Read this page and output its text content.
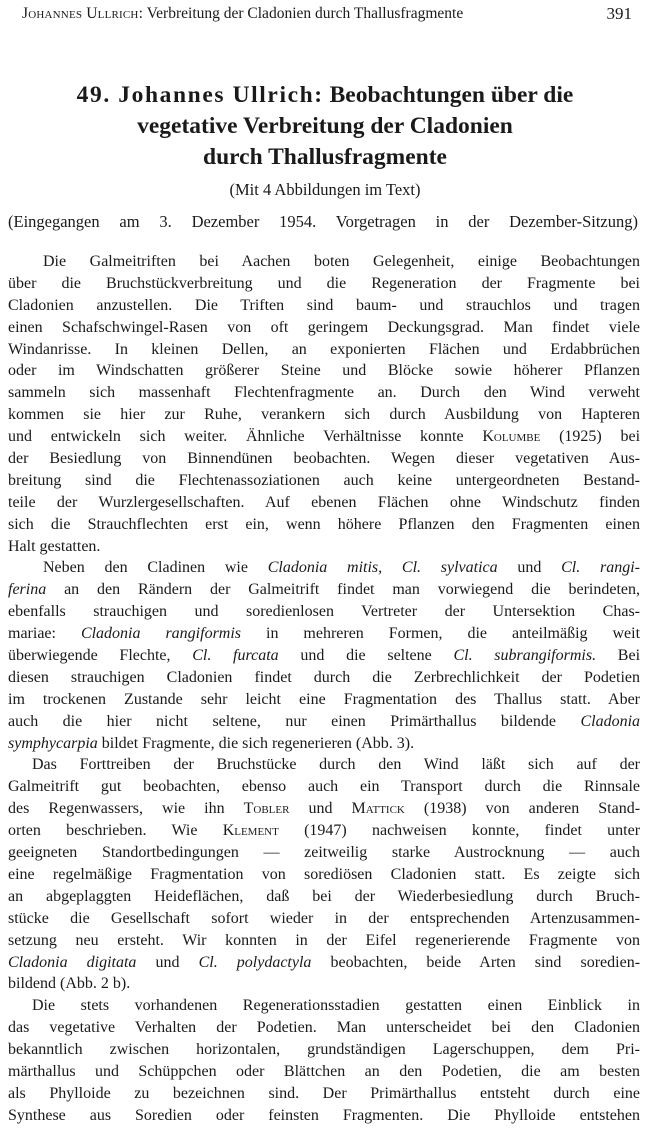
Johannes Ullrich: Verbreitung der Cladonien durch Thallusfragmente	391
49. Johannes Ullrich: Beobachtungen über die
vegetative Verbreitung der Cladonien
durch Thallusfragmente
(Mit 4 Abbildungen im Text)
(Eingegangen am 3. Dezember 1954. Vorgetragen in der Dezember-Sitzung)
Die Galmeitriften bei Aachen boten Gelegenheit, einige Beobachtungen
über die Bruchstückverbreitung und die Regeneration der Fragmente bei
Cladonien anzustellen. Die Triften sind baum- und strauchlos und tragen
einen Schafschwingel-Rasen von oft geringem Deckungsgrad. Man findet viele
Windanrisse. In kleinen Dellen, an exponierten Flächen und Erdabbrüchen
oder im Windschatten größerer Steine und Blöcke sowie höherer Pflanzen
sammeln sich massenhaft Flechtenfragmente an. Durch den Wind verweht
kommen sie hier zur Ruhe, verankern sich durch Ausbildung von Hapteren
und entwickeln sich weiter. Ähnliche Verhältnisse konnte Kolumbe (1925) bei
der Besiedlung von Binnendünen beobachten. Wegen dieser vegetativen Aus-
breitung sind die Flechtenassoziationen auch keine untergeordneten Bestand-
teile der Wurzlergesellschaften. Auf ebenen Flächen ohne Windschutz finden
sich die Strauchflechten erst ein, wenn höhere Pflanzen den Fragmenten einen
Halt gestatten.
Neben den Cladinen wie Cladonia mitis, Cl. sylvatica und Cl. rangi-
ferina an den Rändern der Galmeitrift findet man vorwiegend die berindeten,
ebenfalls strauchigen und soredienlosen Vertreter der Untersektion Chas-
mariae: Cladonia rangiformis in mehreren Formen, die anteilmäßig weit
überwiegende Flechte, Cl. furcata und die seltene Cl. subrangiformis. Bei
diesen strauchigen Cladonien findet durch die Zerbrechlichkeit der Podetien
im trockenen Zustande sehr leicht eine Fragmentation des Thallus statt. Aber
auch die hier nicht seltene, nur einen Primärthallus bildende Cladonia
symphycarpia bildet Fragmente, die sich regenerieren (Abb. 3).
Das Forttreiben der Bruchstücke durch den Wind läßt sich auf der
Galmeitrift gut beobachten, ebenso auch ein Transport durch die Rinnsale
des Regenwassers, wie ihn Tobler und Mattick (1938) von anderen Stand-
orten beschrieben. Wie Klement (1947) nachweisen konnte, findet unter
geeigneten Standortbedingungen — zeitweilig starke Austrocknung — auch
eine regelmäßige Fragmentation von sorediösen Cladonien statt. Es zeigte sich
an abgeplaggten Heideflächen, daß bei der Wiederbesiedlung durch Bruch-
stücke die Gesellschaft sofort wieder in der entsprechenden Artenzusammen-
setzung neu ersteht. Wir konnten in der Eifel regenerierende Fragmente von
Cladonia digitata und Cl. polydactyla beobachten, beide Arten sind soredien-
bildend (Abb. 2 b).
Die stets vorhandenen Regenerationsstadien gestatten einen Einblick in
das vegetative Verhalten der Podetien. Man unterscheidet bei den Cladonien
bekanntlich zwischen horizontalen, grundständigen Lagerschuppen, dem Pri-
märthallus und Schüppchen oder Blättchen an den Podetien, die am besten
als Phylloide zu bezeichnen sind. Der Primärthallus entsteht durch eine
Synthese aus Soredien oder feinsten Fragmenten. Die Phylloide entstehen
